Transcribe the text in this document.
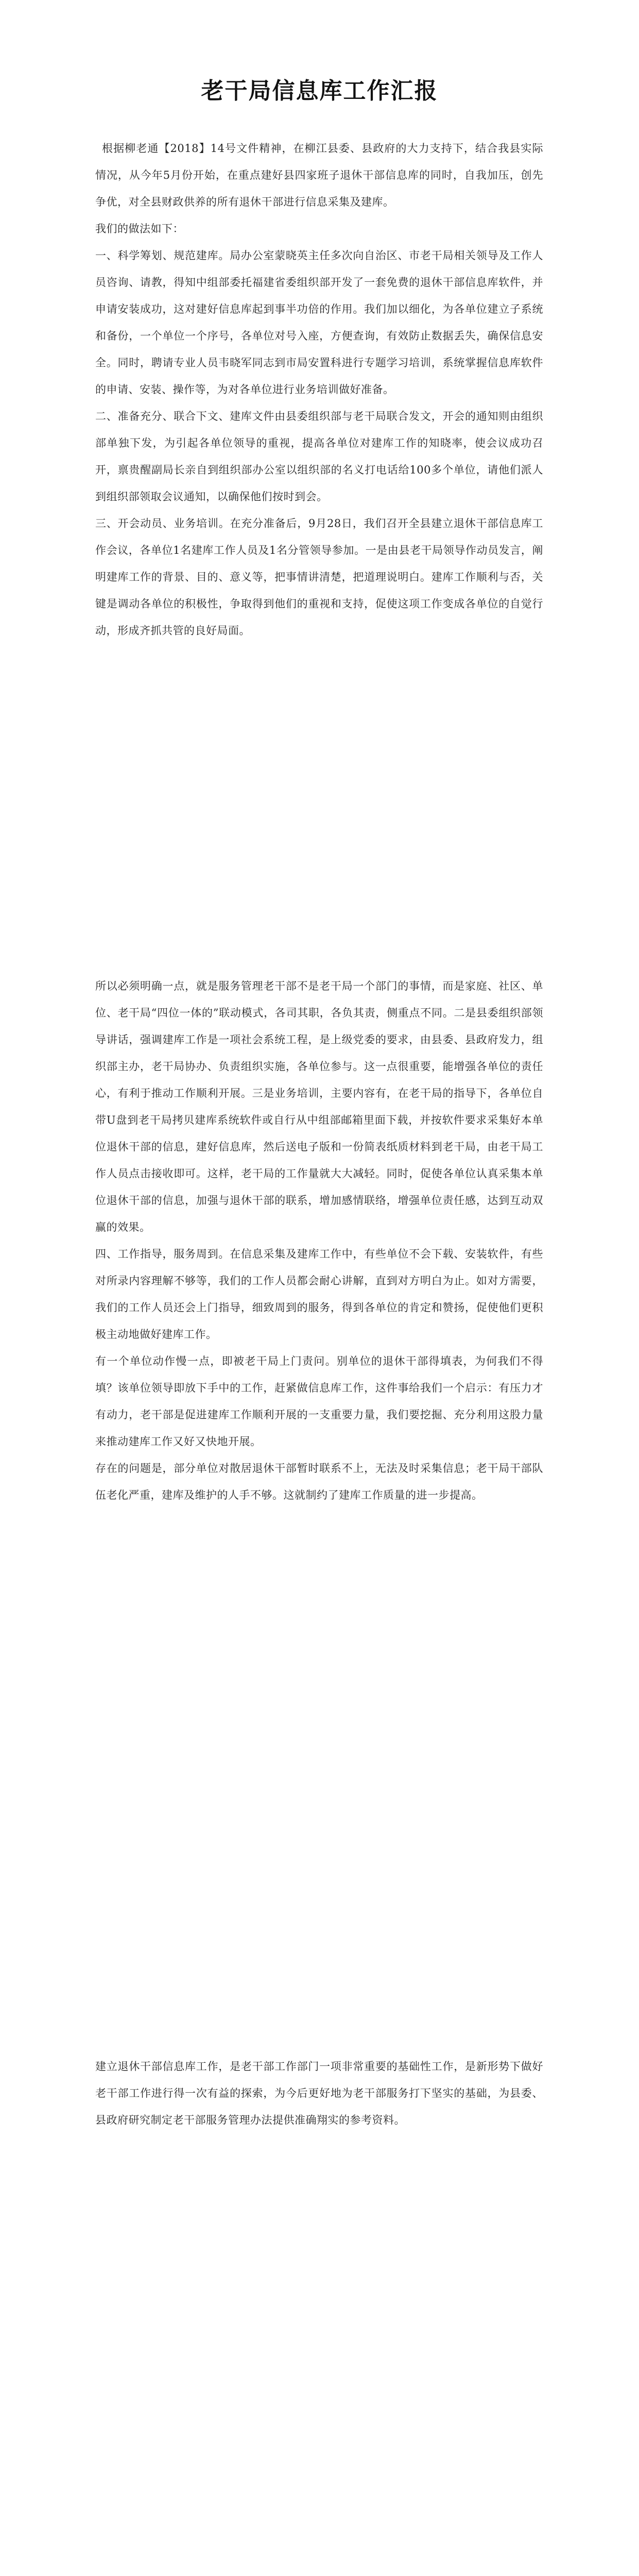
老干局信息库工作汇报

根据柳老通【2018】14号文件精神，在柳江县委、县政府的大力支持下，结合我县实际情况，从今年5月份开始，在重点建好县四家班子退休干部信息库的同时，自我加压，创先争优，对全县财政供养的所有退休干部进行信息采集及建库。

我们的做法如下：

一、科学筹划、规范建库。局办公室蒙晓英主任多次向自治区、市老干局相关领导及工作人员咨询、请教，得知中组部委托福建省委组织部开发了一套免费的退休干部信息库软件，并申请安装成功，这对建好信息库起到事半功倍的作用。我们加以细化，为各单位建立子系统和备份，一个单位一个序号，各单位对号入座，方便查询，有效防止数据丢失，确保信息安全。同时，聘请专业人员韦晓军同志到市局安置科进行专题学习培训，系统掌握信息库软件的申请、安装、操作等，为对各单位进行业务培训做好准备。

二、准备充分、联合下文、建库文件由县委组织部与老干局联合发文，开会的通知则由组织部单独下发，为引起各单位领导的重视，提高各单位对建库工作的知晓率，使会议成功召开，禀贵醒副局长亲自到组织部办公室以组织部的名义打电话给100多个单位，请他们派人到组织部领取会议通知，以确保他们按时到会。

三、开会动员、业务培训。在充分准备后，9月28日，我们召开全县建立退休干部信息库工作会议，各单位1名建库工作人员及1名分管领导参加。一是由县老干局领导作动员发言，阐明建库工作的背景、目的、意义等，把事情讲清楚，把道理说明白。建库工作顺利与否，关键是调动各单位的积极性，争取得到他们的重视和支持，促使这项工作变成各单位的自觉行动，形成齐抓共管的良好局面。

所以必须明确一点，就是服务管理老干部不是老干局一个部门的事情，而是家庭、社区、单位、老干局“四位一体的”联动模式，各司其职，各负其责，侧重点不同。二是县委组织部领导讲话，强调建库工作是一项社会系统工程，是上级党委的要求，由县委、县政府发力，组织部主办，老干局协办、负责组织实施，各单位参与。这一点很重要，能增强各单位的责任心，有利于推动工作顺利开展。三是业务培训，主要内容有，在老干局的指导下，各单位自带U盘到老干局拷贝建库系统软件或自行从中组部邮箱里面下载，并按软件要求采集好本单位退休干部的信息，建好信息库，然后送电子版和一份简表纸质材料到老干局，由老干局工作人员点击接收即可。这样，老干局的工作量就大大减轻。同时，促使各单位认真采集本单位退休干部的信息，加强与退休干部的联系，增加感情联络，增强单位责任感，达到互动双赢的效果。

四、工作指导，服务周到。在信息采集及建库工作中，有些单位不会下载、安装软件，有些对所录内容理解不够等，我们的工作人员都会耐心讲解，直到对方明白为止。如对方需要，我们的工作人员还会上门指导，细致周到的服务，得到各单位的肯定和赞扬，促使他们更积极主动地做好建库工作。

有一个单位动作慢一点，即被老干局上门责问。别单位的退休干部得填表，为何我们不得填？该单位领导即放下手中的工作，赶紧做信息库工作，这件事给我们一个启示：有压力才有动力，老干部是促进建库工作顺利开展的一支重要力量，我们要挖掘、充分利用这股力量来推动建库工作又好又快地开展。

存在的问题是，部分单位对散居退休干部暂时联系不上，无法及时采集信息；老干局干部队伍老化严重，建库及维护的人手不够。这就制约了建库工作质量的进一步提高。

建立退休干部信息库工作，是老干部工作部门一项非常重要的基础性工作，是新形势下做好老干部工作进行得一次有益的探索，为今后更好地为老干部服务打下坚实的基础，为县委、县政府研究制定老干部服务管理办法提供准确翔实的参考资料。
